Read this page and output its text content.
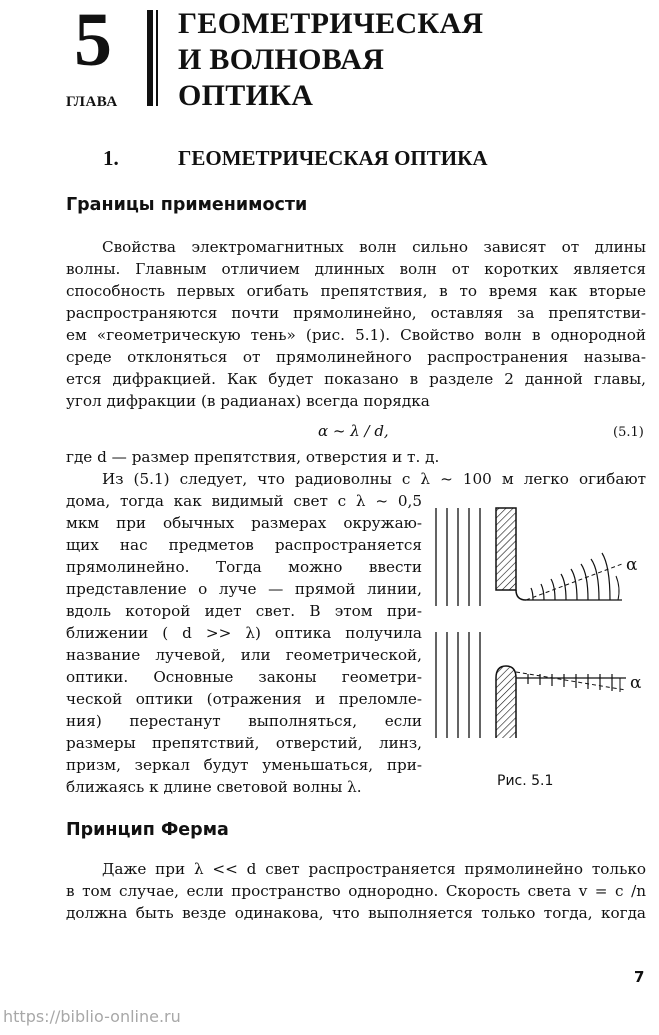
5
ГЛАВА
ГЕОМЕТРИЧЕСКАЯ
И ВОЛНОВАЯ
ОПТИКА
1.	ГЕОМЕТРИЧЕСКАЯ ОПТИКА
Границы применимости
Свойства электромагнитных волн сильно зависят от длины
волны. Главным отличием длинных волн от коротких является
способность первых огибать препятствия, в то время как вторые
распространяются почти прямолинейно, оставляя за препятстви-
ем «геометрическую тень» (рис. 5.1). Свойство волн в однородной
среде отклоняться от прямолинейного распространения называ-
ется дифракцией. Как будет показано в разделе 2 данной главы,
угол дифракции (в радианах) всегда порядка
α ~ λ / d,	(5.1)
где d — размер препятствия, отверстия и т. д.
Из (5.1) следует, что радиоволны с λ ~ 100 м легко огибают
дома, тогда как видимый свет с λ ~ 0,5
мкм при обычных размерах окружаю-
щих нас предметов распространяется
прямолинейно. Тогда можно ввести
представление о луче — прямой линии,
вдоль которой идет свет. В этом при-
ближении ( d >> λ) оптика получила
название лучевой, или геометрической,
оптики. Основные законы геометри-
ческой оптики (отражения и преломле-
ния) перестанут выполняться, если
размеры препятствий, отверстий, линз,
призм, зеркал будут уменьшаться, при-
ближаясь к длине световой волны λ.
α
α
Рис. 5.1
Принцип Ферма
Даже при λ << d свет распространяется прямолинейно только
в том случае, если пространство однородно. Скорость света v = c /n
должна быть везде одинакова, что выполняется только тогда, когда
7
https://biblio-online.ru
